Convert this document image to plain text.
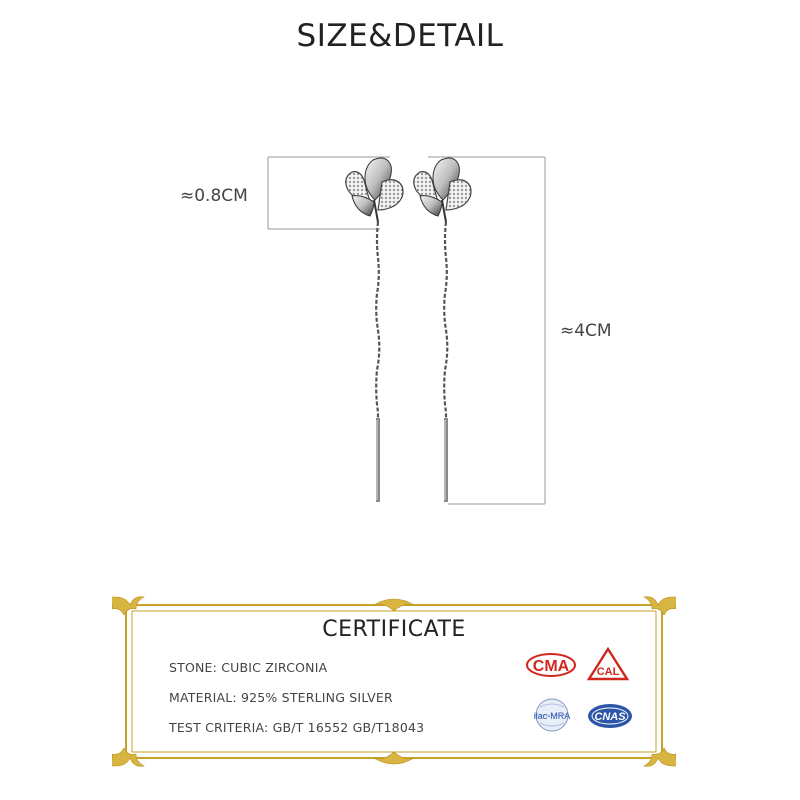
SIZE&DETAIL
≈0.8CM
≈4CM
CERTIFICATE
STONE: CUBIC ZIRCONIA
MATERIAL: 925% STERLING SILVER
TEST CRITERIA: GB/T 16552 GB/T18043
CMA CAL
ilac-MRA CNAS
